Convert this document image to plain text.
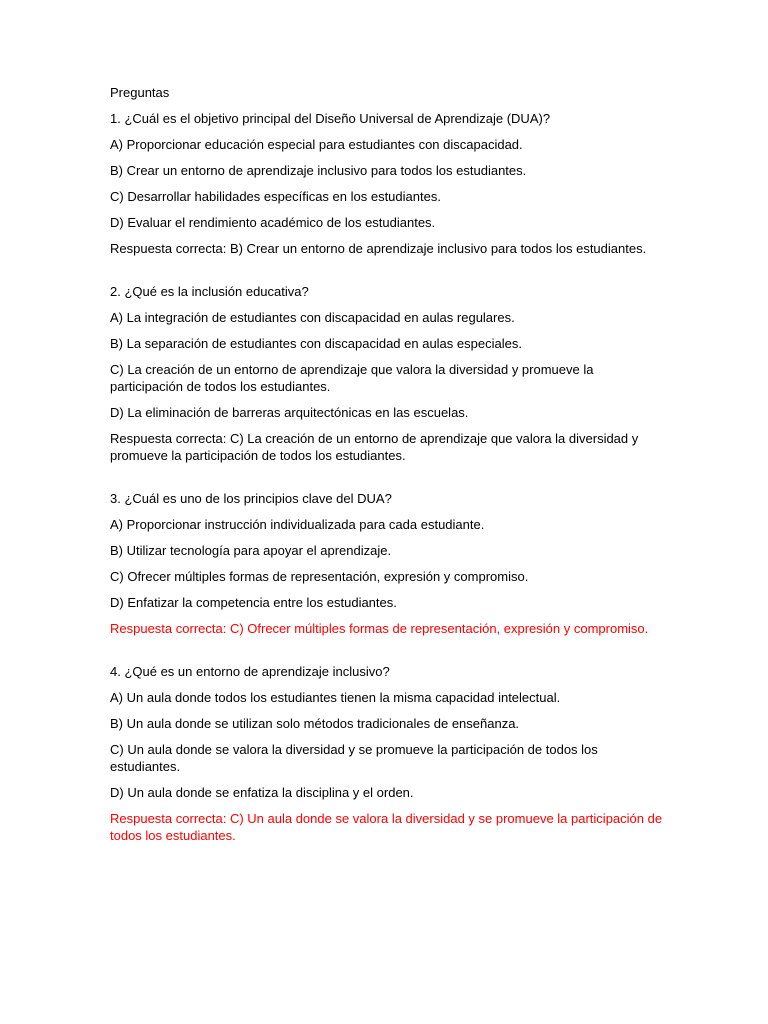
Preguntas

1. ¿Cuál es el objetivo principal del Diseño Universal de Aprendizaje (DUA)?

A) Proporcionar educación especial para estudiantes con discapacidad.

B) Crear un entorno de aprendizaje inclusivo para todos los estudiantes.

C) Desarrollar habilidades específicas en los estudiantes.

D) Evaluar el rendimiento académico de los estudiantes.

Respuesta correcta: B) Crear un entorno de aprendizaje inclusivo para todos los estudiantes.

2. ¿Qué es la inclusión educativa?

A) La integración de estudiantes con discapacidad en aulas regulares.

B) La separación de estudiantes con discapacidad en aulas especiales.

C) La creación de un entorno de aprendizaje que valora la diversidad y promueve la participación de todos los estudiantes.

D) La eliminación de barreras arquitectónicas en las escuelas.

Respuesta correcta: C) La creación de un entorno de aprendizaje que valora la diversidad y promueve la participación de todos los estudiantes.

3. ¿Cuál es uno de los principios clave del DUA?

A) Proporcionar instrucción individualizada para cada estudiante.

B) Utilizar tecnología para apoyar el aprendizaje.

C) Ofrecer múltiples formas de representación, expresión y compromiso.

D) Enfatizar la competencia entre los estudiantes.

Respuesta correcta: C) Ofrecer múltiples formas de representación, expresión y compromiso.

4. ¿Qué es un entorno de aprendizaje inclusivo?

A) Un aula donde todos los estudiantes tienen la misma capacidad intelectual.

B) Un aula donde se utilizan solo métodos tradicionales de enseñanza.

C) Un aula donde se valora la diversidad y se promueve la participación de todos los estudiantes.

D) Un aula donde se enfatiza la disciplina y el orden.

Respuesta correcta: C) Un aula donde se valora la diversidad y se promueve la participación de todos los estudiantes.
